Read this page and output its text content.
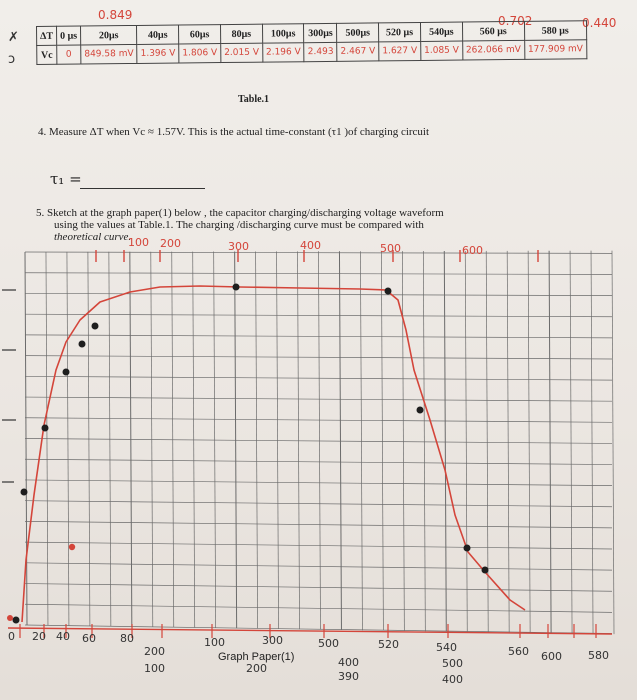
0.849	0.702	0.440
✗
ↄ
ΔT	0 μs	20μs	40μs	60μs	80μs	100μs	300μs	500μs	520 μs	540μs	560 μs	580 μs
Vc	0	849.58 mV	1.396 V	1.806 V	2.015 V	2.196 V	2.493	2.467 V	1.627 V	1.085 V	262.066 mV	177.909 mV
Table.1
4. Measure ΔT when Vc ≈ 1.57V. This is the actual time-constant (τ1 )of charging circuit
τ₁ =
5. Sketch at the graph paper(1) below , the capacitor charging/discharging voltage waveform
using the values at Table.1. The charging /discharging curve must be compared with
theoretical curve.
100 200	300	400	500	600
0 20 40 60 80	100	300	500	520	540	560 600 580
200
100	200	400
390
500
400
Graph Paper(1)
